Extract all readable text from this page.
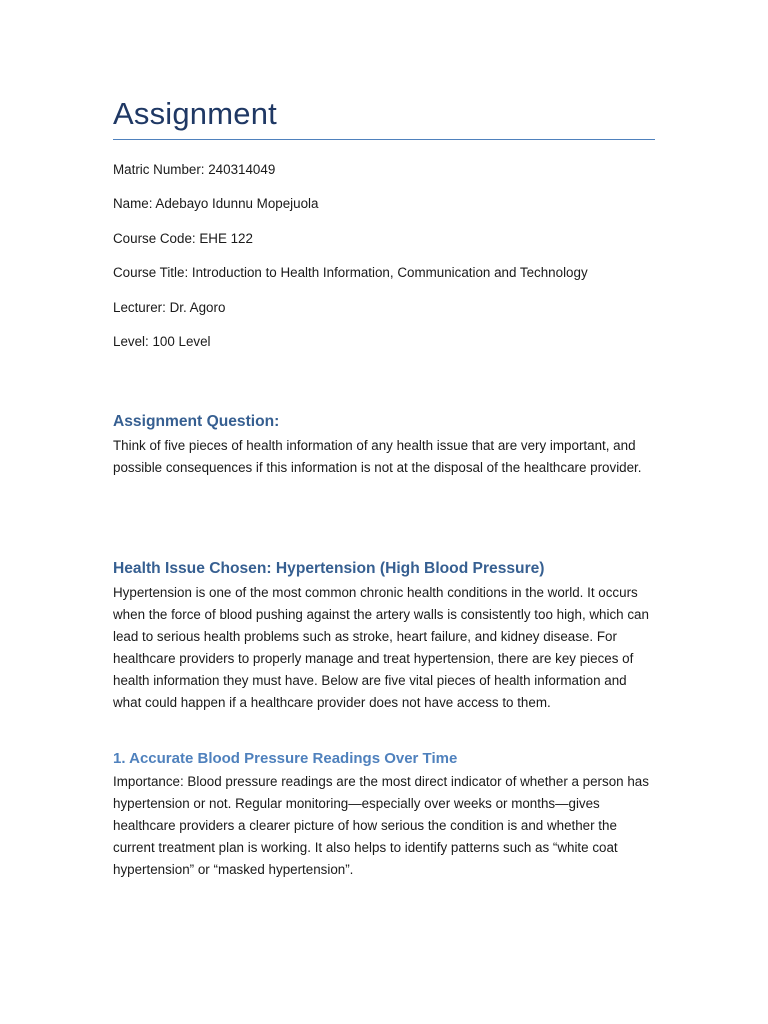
Assignment
Matric Number: 240314049
Name: Adebayo Idunnu Mopejuola
Course Code: EHE 122
Course Title: Introduction to Health Information, Communication and Technology
Lecturer: Dr. Agoro
Level: 100 Level
Assignment Question:

Think of five pieces of health information of any health issue that are very important, and possible consequences if this information is not at the disposal of the healthcare provider.

Health Issue Chosen: Hypertension (High Blood Pressure)

Hypertension is one of the most common chronic health conditions in the world. It occurs when the force of blood pushing against the artery walls is consistently too high, which can lead to serious health problems such as stroke, heart failure, and kidney disease. For healthcare providers to properly manage and treat hypertension, there are key pieces of health information they must have. Below are five vital pieces of health information and what could happen if a healthcare provider does not have access to them.

1. Accurate Blood Pressure Readings Over Time

Importance: Blood pressure readings are the most direct indicator of whether a person has hypertension or not. Regular monitoring—especially over weeks or months—gives healthcare providers a clearer picture of how serious the condition is and whether the current treatment plan is working. It also helps to identify patterns such as “white coat hypertension” or “masked hypertension”.
